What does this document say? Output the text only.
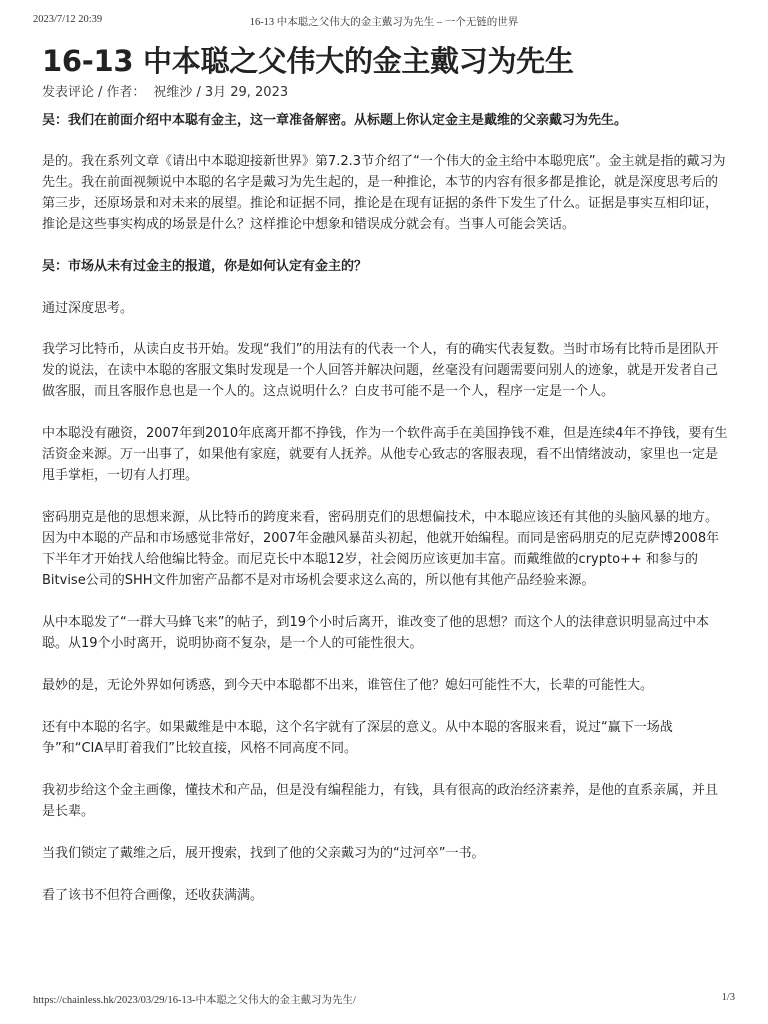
2023/7/12 20:39	16-13 中本聪之父伟大的金主戴习为先生 – 一个无链的世界
16-13 中本聪之父伟大的金主戴习为先生
发表评论 / 作者： 祝维沙 / 3月 29, 2023

吴：我们在前面介绍中本聪有金主，这一章准备解密。从标题上你认定金主是戴维的父亲戴习为先生。

是的。我在系列文章《请出中本聪迎接新世界》第7.2.3节介绍了“一个伟大的金主给中本聪兜底”。金主就是指的戴习为先生。我在前面视频说中本聪的名字是戴习为先生起的，是一种推论，本节的内容有很多都是推论，就是深度思考后的第三步，还原场景和对未来的展望。推论和证据不同，推论是在现有证据的条件下发生了什么。证据是事实互相印证，推论是这些事实构成的场景是什么？这样推论中想象和错误成分就会有。当事人可能会笑话。

吴：市场从未有过金主的报道，你是如何认定有金主的？

通过深度思考。

我学习比特币，从读白皮书开始。发现“我们”的用法有的代表一个人，有的确实代表复数。当时市场有比特币是团队开发的说法，在读中本聪的客服文集时发现是一个人回答并解决问题，丝毫没有问题需要问别人的迹象，就是开发者自己做客服，而且客服作息也是一个人的。这点说明什么？白皮书可能不是一个人，程序一定是一个人。

中本聪没有融资，2007年到2010年底离开都不挣钱，作为一个软件高手在美国挣钱不难，但是连续4年不挣钱，要有生活资金来源。万一出事了，如果他有家庭，就要有人抚养。从他专心致志的客服表现，看不出情绪波动，家里也一定是甩手掌柜，一切有人打理。

密码朋克是他的思想来源，从比特币的跨度来看，密码朋克们的思想偏技术，中本聪应该还有其他的头脑风暴的地方。因为中本聪的产品和市场感觉非常好，2007年金融风暴苗头初起，他就开始编程。而同是密码朋克的尼克萨博2008年下半年才开始找人给他编比特金。而尼克长中本聪12岁，社会阅历应该更加丰富。而戴维做的crypto++ 和参与的Bitvise公司的SHH文件加密产品都不是对市场机会要求这么高的，所以他有其他产品经验来源。

从中本聪发了“一群大马蜂飞来”的帖子，到19个小时后离开，谁改变了他的思想？而这个人的法律意识明显高过中本聪。从19个小时离开，说明协商不复杂，是一个人的可能性很大。

最妙的是，无论外界如何诱惑，到今天中本聪都不出来，谁管住了他？媳妇可能性不大，长辈的可能性大。

还有中本聪的名字。如果戴维是中本聪，这个名字就有了深层的意义。从中本聪的客服来看，说过“赢下一场战争”和“CIA早盯着我们”比较直接，风格不同高度不同。

我初步给这个金主画像，懂技术和产品，但是没有编程能力，有钱，具有很高的政治经济素养，是他的直系亲属，并且是长辈。

当我们锁定了戴维之后，展开搜索，找到了他的父亲戴习为的“过河卒”一书。

看了该书不但符合画像，还收获满满。

https://chainless.hk/2023/03/29/16-13-中本聪之父伟大的金主戴习为先生/	1/3
